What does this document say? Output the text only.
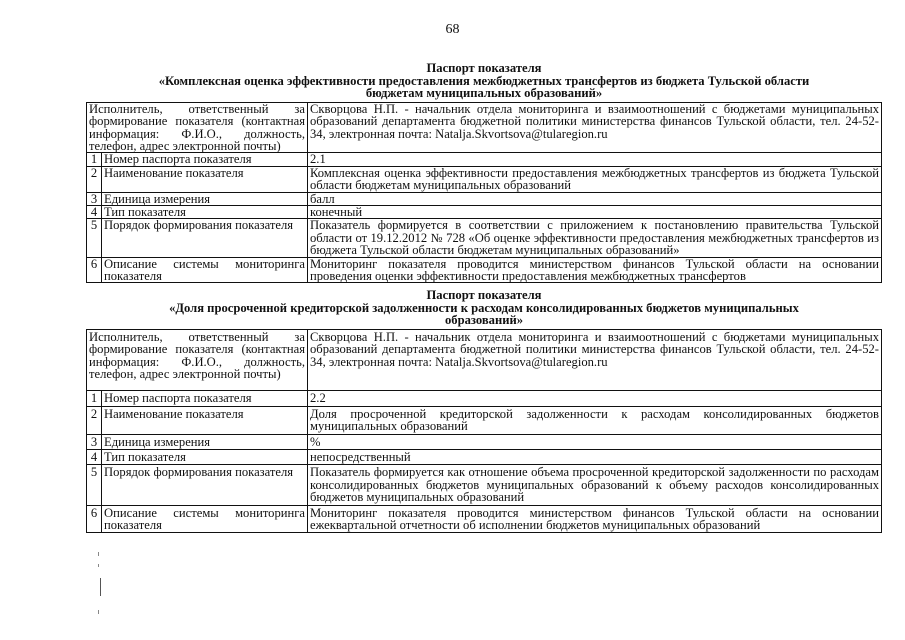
68
Паспорт показателя
«Комплексная оценка эффективности предоставления межбюджетных трансфертов из бюджета Тульской области бюджетам муниципальных образований»
Исполнитель, ответственный за формирование показателя (контактная информация: Ф.И.О., должность, телефон, адрес электронной почты)		Скворцова Н.П. - начальник отдела мониторинга и взаимоотношений с бюджетами муниципальных образований департамента бюджетной политики министерства финансов Тульской области, тел. 24-52-34, электронная почта: Natalja.Skvortsova@tularegion.ru
1	Номер паспорта показателя	2.1
2	Наименование показателя	Комплексная оценка эффективности предоставления межбюджетных трансфертов из бюджета Тульской области бюджетам муниципальных образований
3	Единица измерения	балл
4	Тип показателя	конечный
5	Порядок формирования показателя	Показатель формируется в соответствии с приложением к постановлению правительства Тульской области от 19.12.2012 № 728 «Об оценке эффективности предоставления межбюджетных трансфертов из бюджета Тульской области бюджетам муниципальных образований»
6	Описание системы мониторинга показателя	Мониторинг показателя проводится министерством финансов Тульской области на основании проведения оценки эффективности предоставления межбюджетных трансфертов
Паспорт показателя
«Доля просроченной кредиторской задолженности к расходам консолидированных бюджетов муниципальных образований»
Исполнитель, ответственный за формирование показателя (контактная информация: Ф.И.О., должность, телефон, адрес электронной почты)		Скворцова Н.П. - начальник отдела мониторинга и взаимоотношений с бюджетами муниципальных образований департамента бюджетной политики министерства финансов Тульской области, тел. 24-52-34, электронная почта: Natalja.Skvortsova@tularegion.ru
1	Номер паспорта показателя	2.2
2	Наименование показателя	Доля просроченной кредиторской задолженности к расходам консолидированных бюджетов муниципальных образований
3	Единица измерения	%
4	Тип показателя	непосредственный
5	Порядок формирования показателя	Показатель формируется как отношение объема просроченной кредиторской задолженности по расходам консолидированных бюджетов муниципальных образований к объему расходов консолидированных бюджетов муниципальных образований
6	Описание системы мониторинга показателя	Мониторинг показателя проводится министерством финансов Тульской области на основании ежеквартальной отчетности об исполнении бюджетов муниципальных образований
